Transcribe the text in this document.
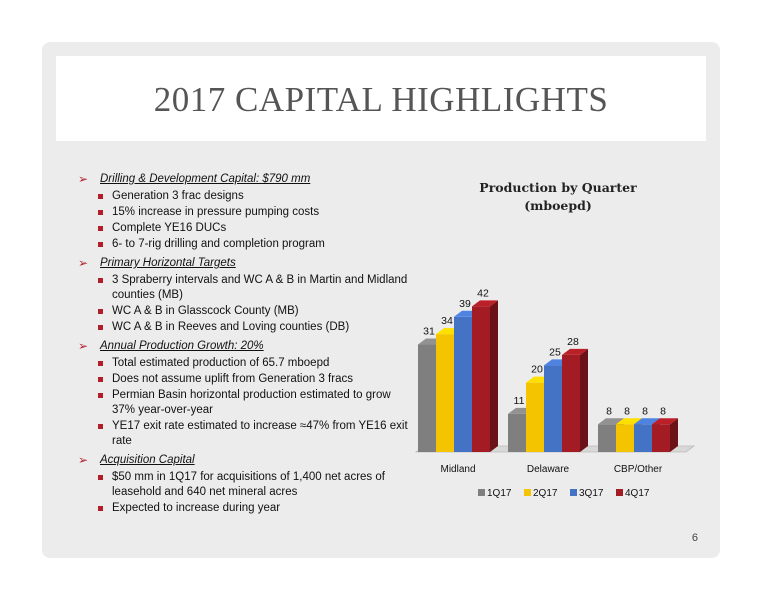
2017 CAPITAL HIGHLIGHTS
➢ Drilling & Development Capital: $790 mm
Generation 3 frac designs
15% increase in pressure pumping costs
Complete YE16 DUCs
6- to 7-rig drilling and completion program
➢ Primary Horizontal Targets
3 Spraberry intervals and WC A & B in Martin and Midland counties (MB)
WC A & B in Glasscock County (MB)
WC A & B in Reeves and Loving counties (DB)
➢ Annual Production Growth: 20%
Total estimated production of 65.7 mboepd
Does not assume uplift from Generation 3 fracs
Permian Basin horizontal production estimated to grow 37% year-over-year
YE17 exit rate estimated to increase ≈47% from YE16 exit rate
➢ Acquisition Capital
$50 mm in 1Q17 for acquisitions of 1,400 net acres of leasehold and 640 net mineral acres
Expected to increase during year
Production by Quarter
(mboepd)
Midland
31
34
39
42
Delaware
11
20
25
28
CBP/Other
8 8 8 8
1Q17 2Q17 3Q17 4Q17
6
